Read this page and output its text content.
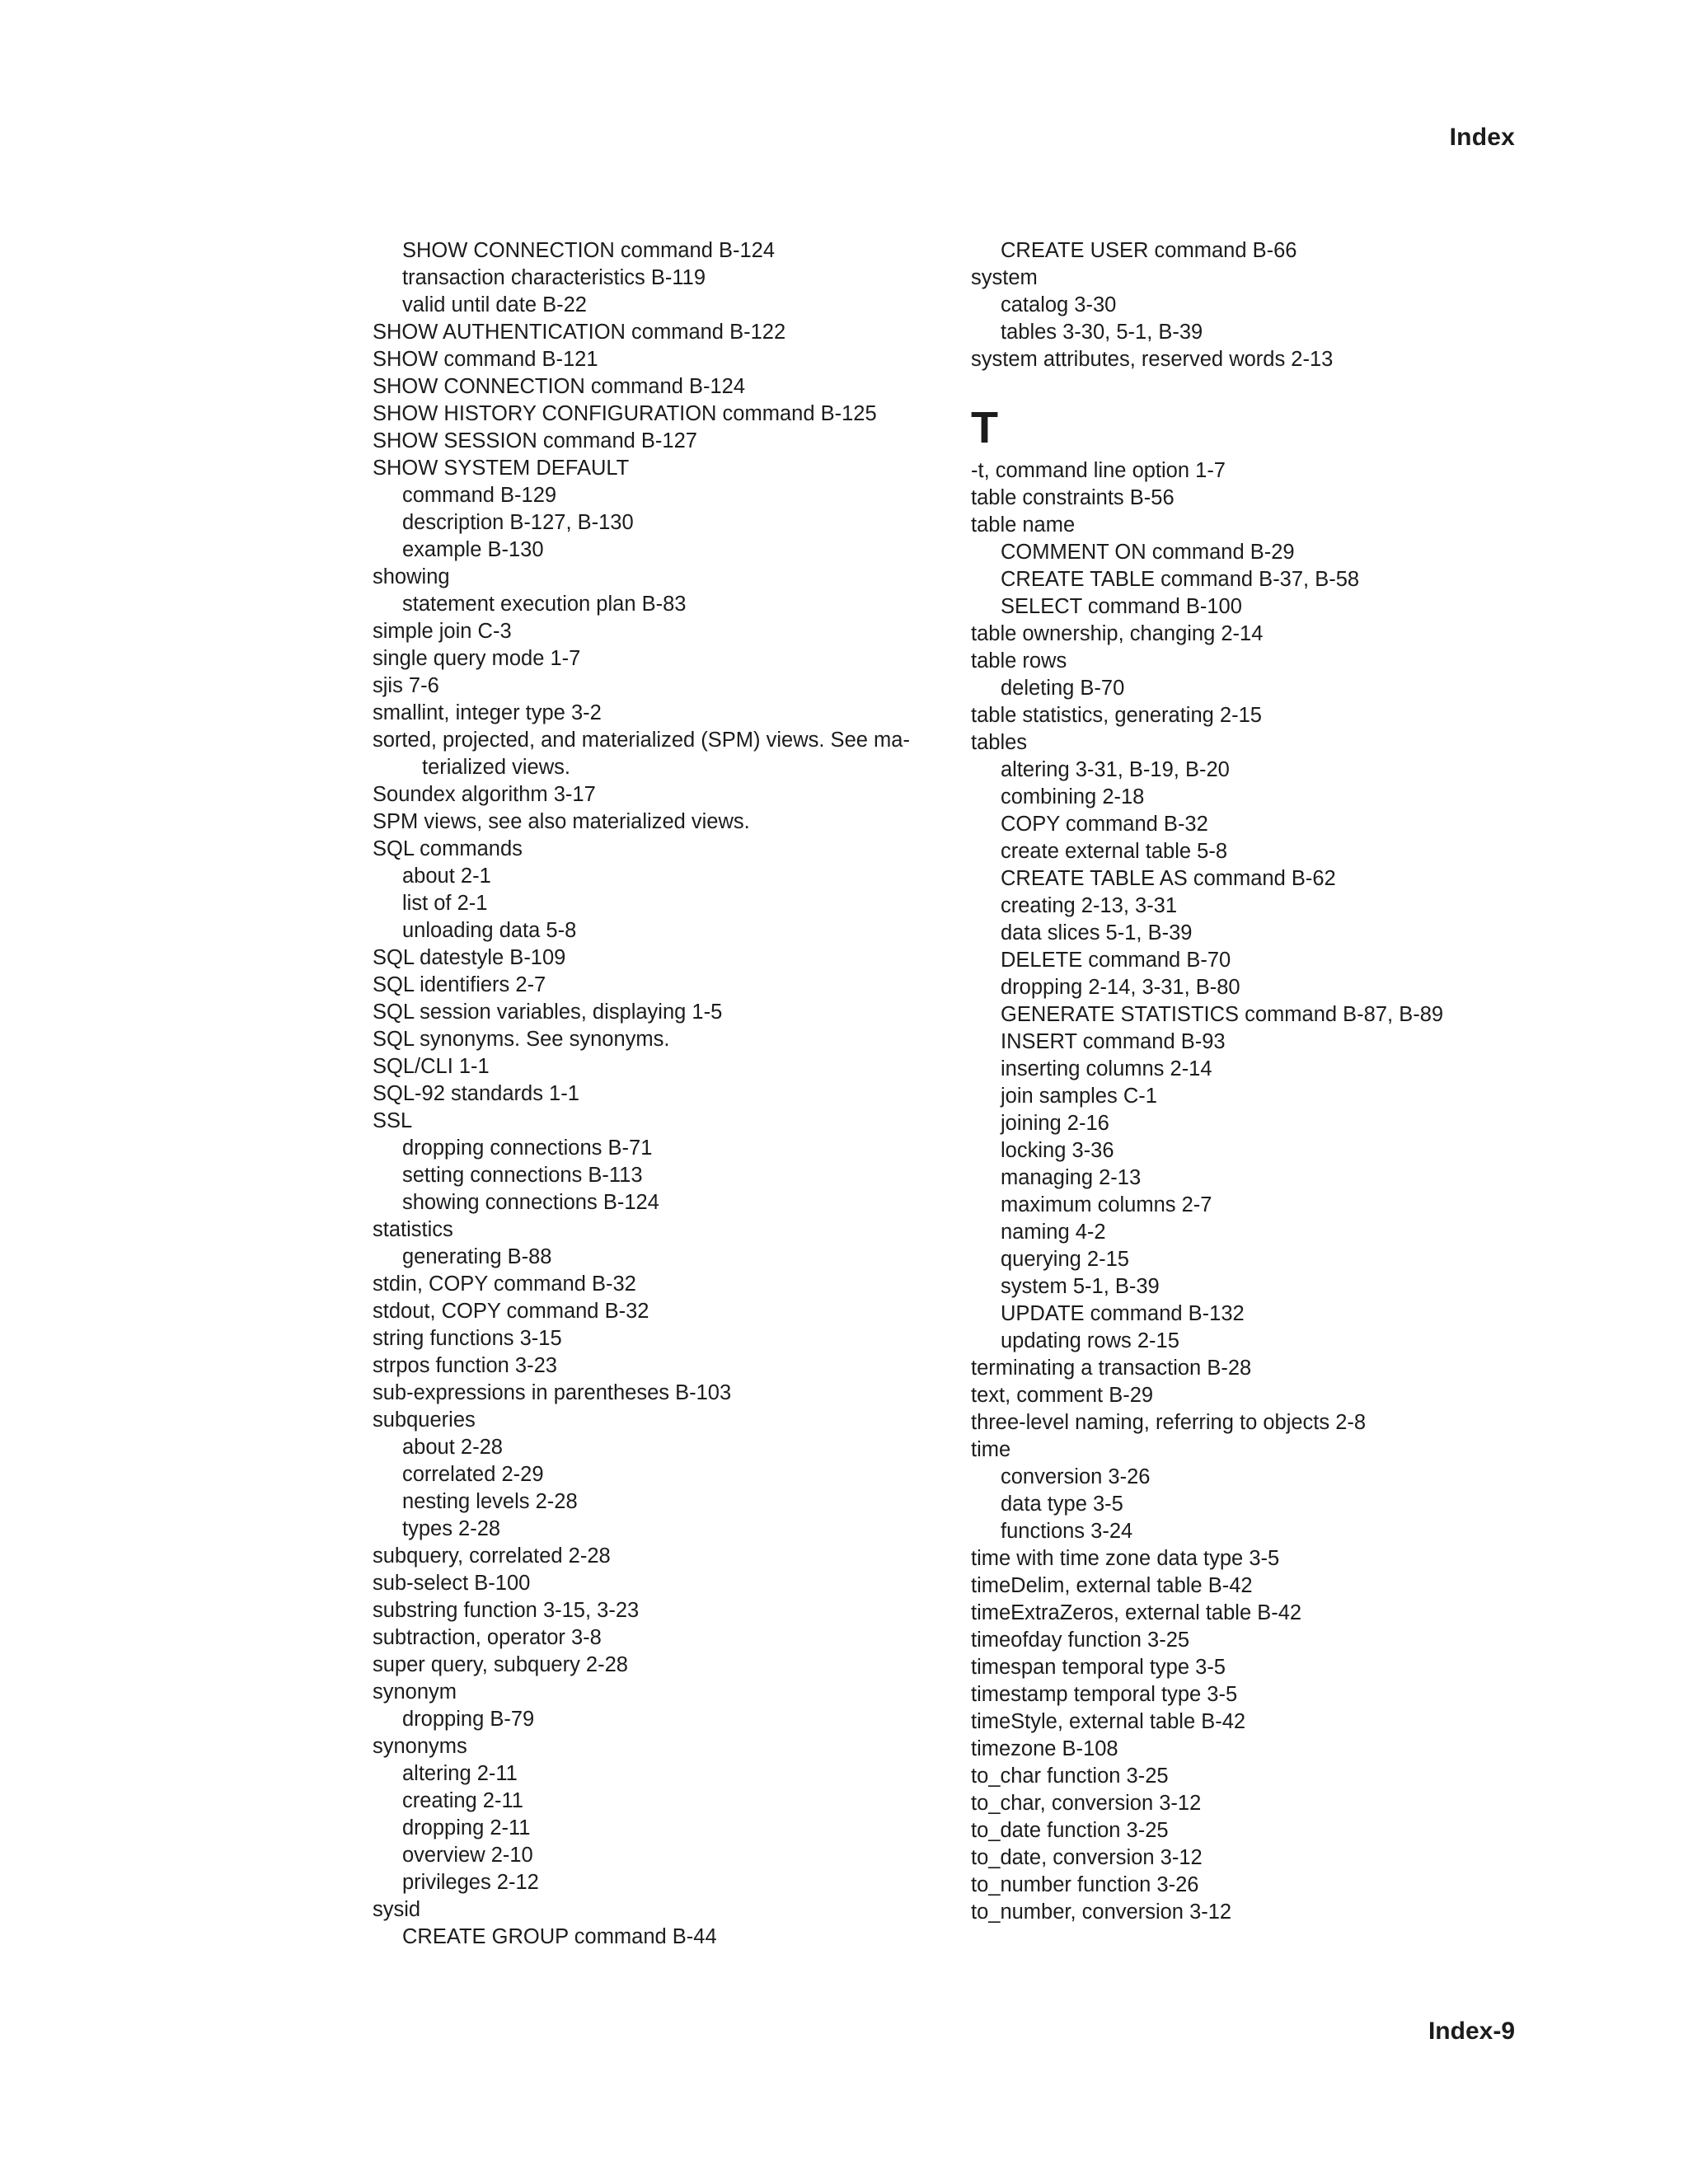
Index
SHOW CONNECTION command B-124
transaction characteristics B-119
valid until date B-22
SHOW AUTHENTICATION command B-122
SHOW command B-121
SHOW CONNECTION command B-124
SHOW HISTORY CONFIGURATION command B-125
SHOW SESSION command B-127
SHOW SYSTEM DEFAULT
command B-129
description B-127, B-130
example B-130
showing
statement execution plan B-83
simple join C-3
single query mode 1-7
sjis 7-6
smallint, integer type 3-2
sorted, projected, and materialized (SPM) views. See ma-
terialized views.
Soundex algorithm 3-17
SPM views, see also materialized views.
SQL commands
about 2-1
list of 2-1
unloading data 5-8
SQL datestyle B-109
SQL identifiers 2-7
SQL session variables, displaying 1-5
SQL synonyms. See synonyms.
SQL/CLI 1-1
SQL-92 standards 1-1
SSL
dropping connections B-71
setting connections B-113
showing connections B-124
statistics
generating B-88
stdin, COPY command B-32
stdout, COPY command B-32
string functions 3-15
strpos function 3-23
sub-expressions in parentheses B-103
subqueries
about 2-28
correlated 2-29
nesting levels 2-28
types 2-28
subquery, correlated 2-28
sub-select B-100
substring function 3-15, 3-23
subtraction, operator 3-8
super query, subquery 2-28
synonym
dropping B-79
synonyms
altering 2-11
creating 2-11
dropping 2-11
overview 2-10
privileges 2-12
sysid
CREATE GROUP command B-44
CREATE USER command B-66
system
catalog 3-30
tables 3-30, 5-1, B-39
system attributes, reserved words 2-13
T
-t, command line option 1-7
table constraints B-56
table name
COMMENT ON command B-29
CREATE TABLE command B-37, B-58
SELECT command B-100
table ownership, changing 2-14
table rows
deleting B-70
table statistics, generating 2-15
tables
altering 3-31, B-19, B-20
combining 2-18
COPY command B-32
create external table 5-8
CREATE TABLE AS command B-62
creating 2-13, 3-31
data slices 5-1, B-39
DELETE command B-70
dropping 2-14, 3-31, B-80
GENERATE STATISTICS command B-87, B-89
INSERT command B-93
inserting columns 2-14
join samples C-1
joining 2-16
locking 3-36
managing 2-13
maximum columns 2-7
naming 4-2
querying 2-15
system 5-1, B-39
UPDATE command B-132
updating rows 2-15
terminating a transaction B-28
text, comment B-29
three-level naming, referring to objects 2-8
time
conversion 3-26
data type 3-5
functions 3-24
time with time zone data type 3-5
timeDelim, external table B-42
timeExtraZeros, external table B-42
timeofday function 3-25
timespan temporal type 3-5
timestamp temporal type 3-5
timeStyle, external table B-42
timezone B-108
to_char function 3-25
to_char, conversion 3-12
to_date function 3-25
to_date, conversion 3-12
to_number function 3-26
to_number, conversion 3-12
Index-9
